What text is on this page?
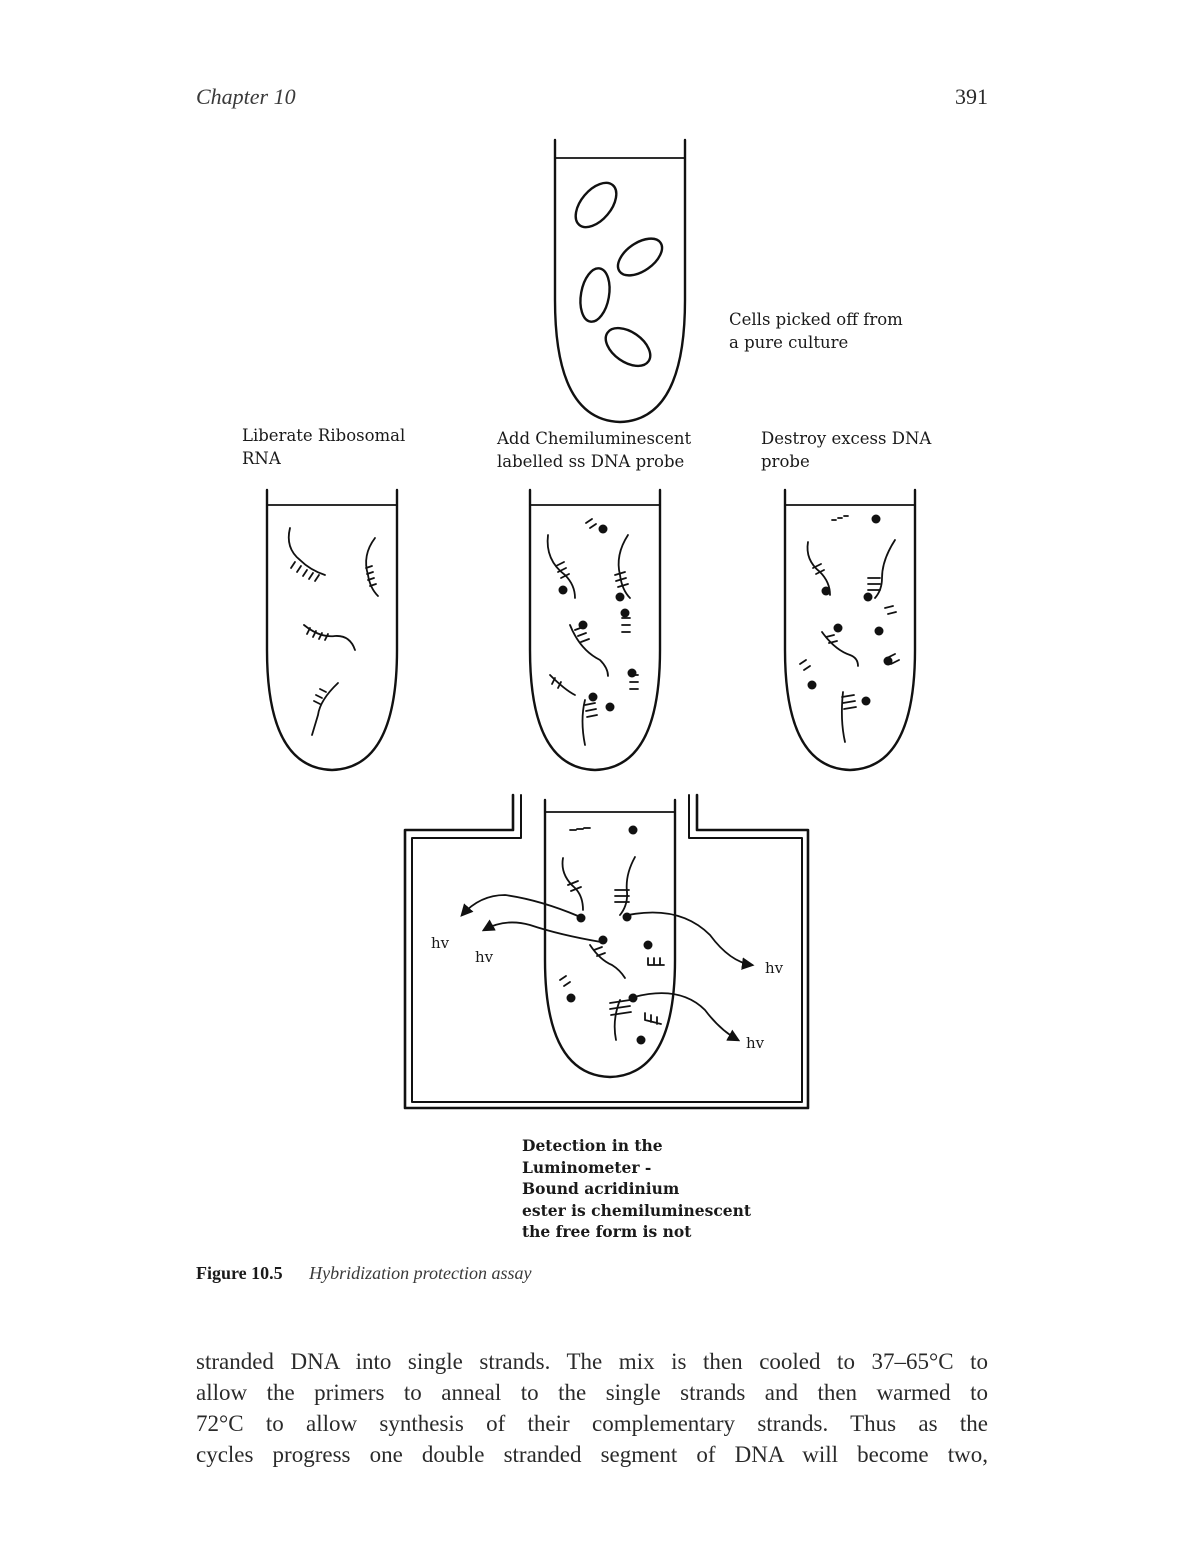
Chapter 10	391
Cells picked off from
a pure culture
Liberate Ribosomal
RNA
Add Chemiluminescent
labelled ss DNA probe
Destroy excess DNA
probe
Detection in the
Luminometer -
Bound acridinium
ester is chemiluminescent
the free form is not
hv
hv
hv
hv
Figure 10.5 Hybridization protection assay
stranded DNA into single strands. The mix is then cooled to 37–65°C to
allow the primers to anneal to the single strands and then warmed to
72°C to allow synthesis of their complementary strands. Thus as the
cycles progress one double stranded segment of DNA will become two,
